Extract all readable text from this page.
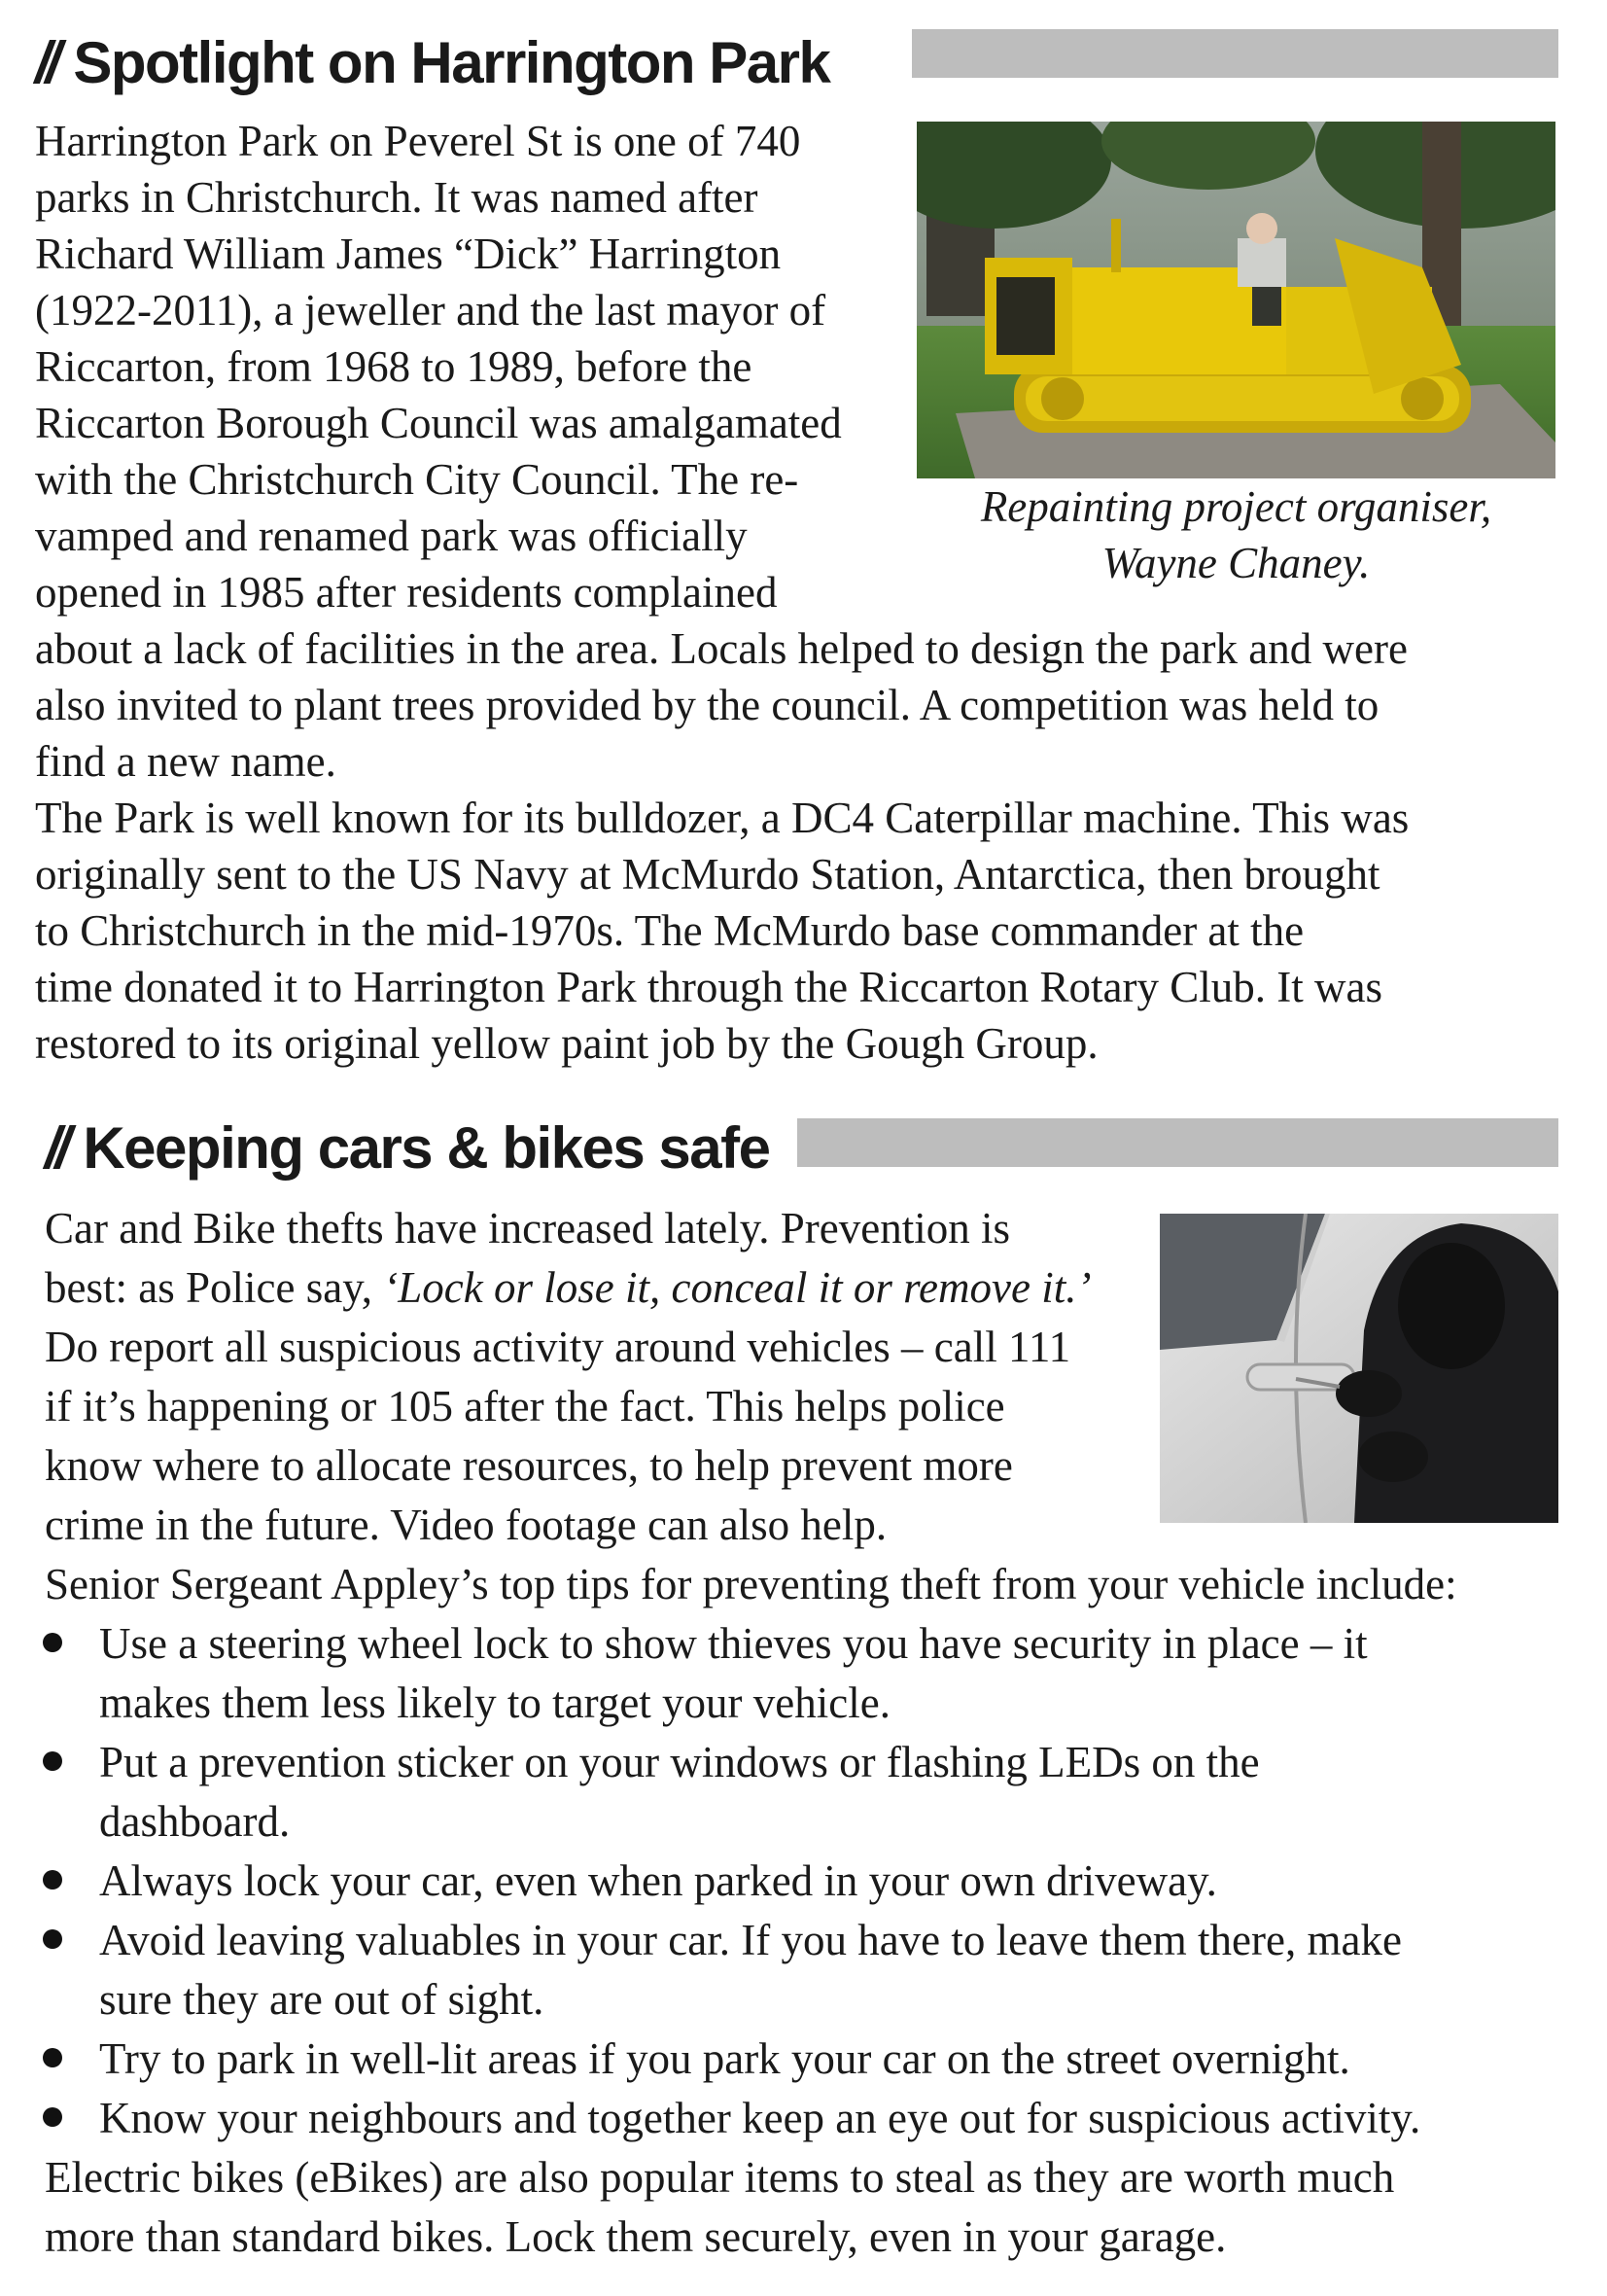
// Spotlight on Harrington Park

Harrington Park on Peverel St is one of 740

parks in Christchurch. It was named after

Richard William James “Dick” Harrington

(1922-2011), a jeweller and the last mayor of

Riccarton, from 1968 to 1989, before the

Riccarton Borough Council was amalgamated

with the Christchurch City Council. The re-

vamped and renamed park was officially

opened in 1985 after residents complained

Repainting project organiser,
Wayne Chaney.

about a lack of facilities in the area. Locals helped to design the park and were

also invited to plant trees provided by the council. A competition was held to

find a new name.

The Park is well known for its bulldozer, a DC4 Caterpillar machine. This was

originally sent to the US Navy at McMurdo Station, Antarctica, then brought

to Christchurch in the mid-1970s. The McMurdo base commander at the

time donated it to Harrington Park through the Riccarton Rotary Club. It was

restored to its original yellow paint job by the Gough Group.

// Keeping cars & bikes safe

Car and Bike thefts have increased lately. Prevention is

best: as Police say, ‘Lock or lose it, conceal it or remove it.’

Do report all suspicious activity around vehicles – call 111

if it’s happening or 105 after the fact. This helps police

know where to allocate resources, to help prevent more

crime in the future. Video footage can also help.

Senior Sergeant Appley’s top tips for preventing theft from your vehicle include:

Use a steering wheel lock to show thieves you have security in place – it
makes them less likely to target your vehicle.
Put a prevention sticker on your windows or flashing LEDs on the
dashboard.
Always lock your car, even when parked in your own driveway.
Avoid leaving valuables in your car. If you have to leave them there, make
sure they are out of sight.
Try to park in well-lit areas if you park your car on the street overnight.
Know your neighbours and together keep an eye out for suspicious activity.

Electric bikes (eBikes) are also popular items to steal as they are worth much

more than standard bikes. Lock them securely, even in your garage.
